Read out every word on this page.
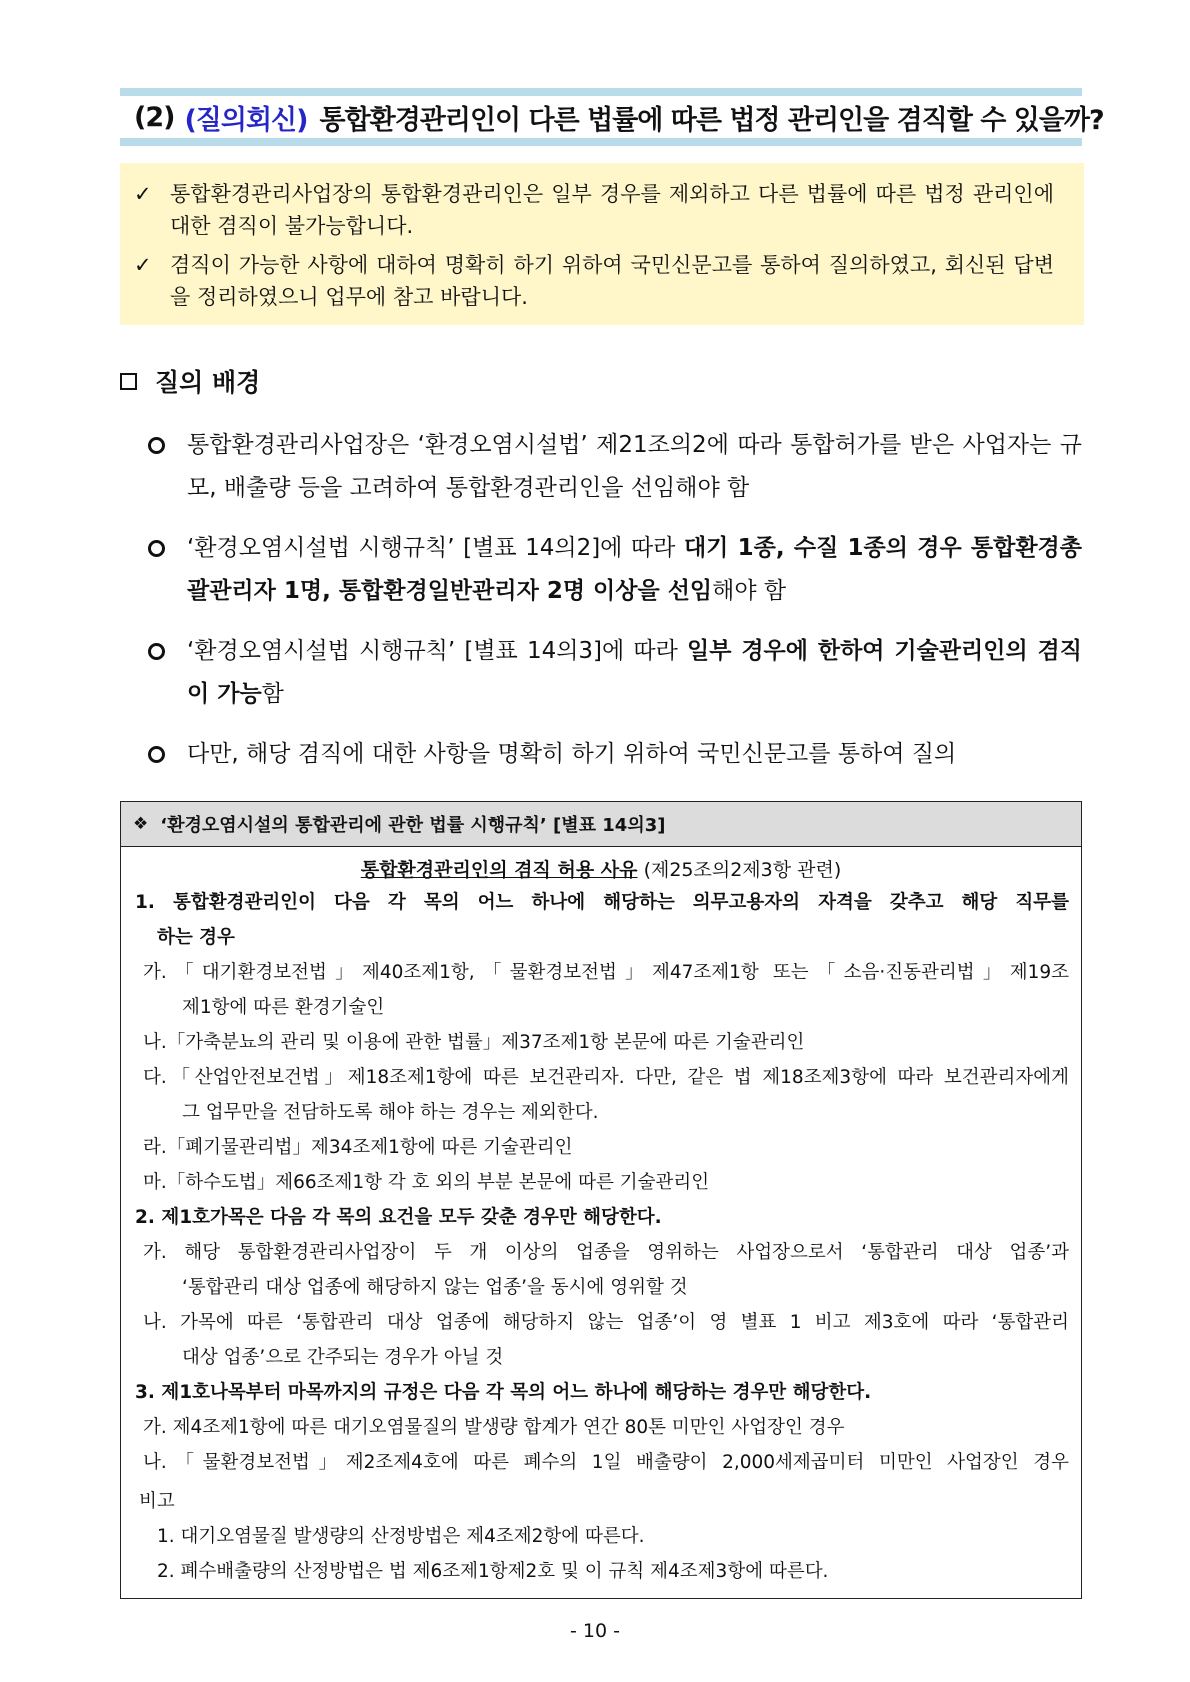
(2) (질의회신) 통합환경관리인이 다른 법률에 따른 법정 관리인을 겸직할 수 있을까?
✓ 통합환경관리사업장의 통합환경관리인은 일부 경우를 제외하고 다른 법률에 따른 법정 관리인에 대한 겸직이 불가능합니다.
✓ 겸직이 가능한 사항에 대하여 명확히 하기 위하여 국민신문고를 통하여 질의하였고, 회신된 답변을 정리하였으니 업무에 참고 바랍니다.
질의 배경
통합환경관리사업장은 ‘환경오염시설법’ 제21조의2에 따라 통합허가를 받은 사업자는 규모, 배출량 등을 고려하여 통합환경관리인을 선임해야 함
‘환경오염시설법 시행규칙’ [별표 14의2]에 따라 대기 1종, 수질 1종의 경우 통합환경총괄관리자 1명, 통합환경일반관리자 2명 이상을 선임해야 함
‘환경오염시설법 시행규칙’ [별표 14의3]에 따라 일부 경우에 한하여 기술관리인의 겸직이 가능함
다만, 해당 겸직에 대한 사항을 명확히 하기 위하여 국민신문고를 통하여 질의
❖ ‘환경오염시설의 통합관리에 관한 법률 시행규칙’ [별표 14의3]
통합환경관리인의 겸직 허용 사유 (제25조의2제3항 관련)
1. 통합환경관리인이 다음 각 목의 어느 하나에 해당하는 의무고용자의 자격을 갖추고 해당 직무를
하는 경우
가.「대기환경보전법」제40조제1항,「물환경보전법」제47조제1항 또는「소음·진동관리법」제19조
제1항에 따른 환경기술인
나.「가축분뇨의 관리 및 이용에 관한 법률」제37조제1항 본문에 따른 기술관리인
다.「산업안전보건법」제18조제1항에 따른 보건관리자. 다만, 같은 법 제18조제3항에 따라 보건관리자에게
그 업무만을 전담하도록 해야 하는 경우는 제외한다.
라.「폐기물관리법」제34조제1항에 따른 기술관리인
마.「하수도법」제66조제1항 각 호 외의 부분 본문에 따른 기술관리인
2. 제1호가목은 다음 각 목의 요건을 모두 갖춘 경우만 해당한다.
가. 해당 통합환경관리사업장이 두 개 이상의 업종을 영위하는 사업장으로서 ‘통합관리 대상 업종’과
‘통합관리 대상 업종에 해당하지 않는 업종’을 동시에 영위할 것
나. 가목에 따른 ‘통합관리 대상 업종에 해당하지 않는 업종’이 영 별표 1 비고 제3호에 따라 ‘통합관리
대상 업종’으로 간주되는 경우가 아닐 것
3. 제1호나목부터 마목까지의 규정은 다음 각 목의 어느 하나에 해당하는 경우만 해당한다.
가. 제4조제1항에 따른 대기오염물질의 발생량 합계가 연간 80톤 미만인 사업장인 경우
나.「물환경보전법」제2조제4호에 따른 폐수의 1일 배출량이 2,000세제곱미터 미만인 사업장인 경우
비고
1. 대기오염물질 발생량의 산정방법은 제4조제2항에 따른다.
2. 폐수배출량의 산정방법은 법 제6조제1항제2호 및 이 규칙 제4조제3항에 따른다.
- 10 -
